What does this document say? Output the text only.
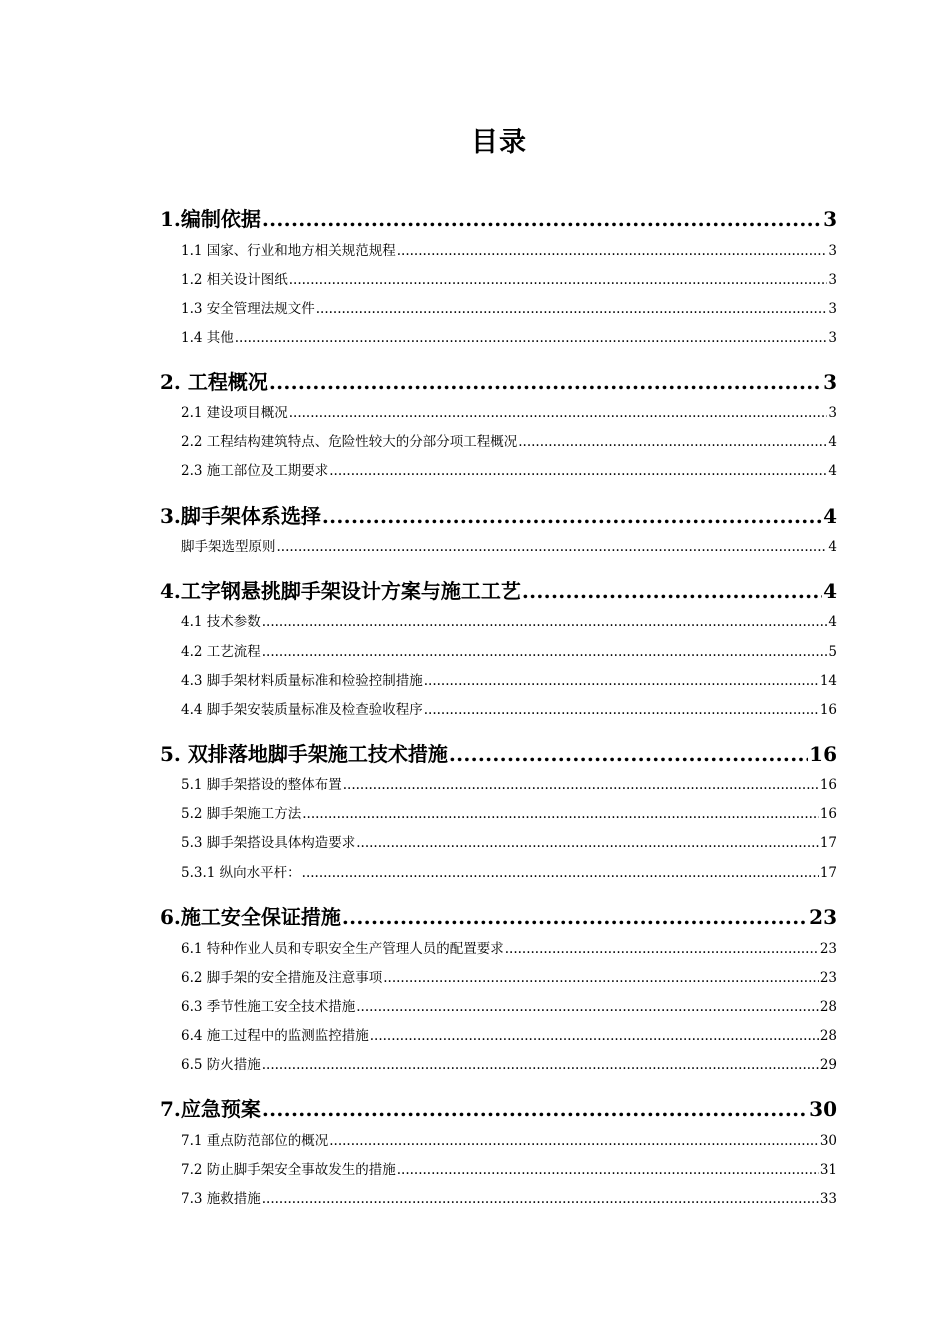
目录
1.编制依据 .....	3
1.1 国家、行业和地方相关规范规程 .....	3
1.2 相关设计图纸 .....	3
1.3 安全管理法规文件 .....	3
1.4 其他 .....	3
2. 工程概况 .....	3
2.1 建设项目概况 .....	3
2.2 工程结构建筑特点、危险性较大的分部分项工程概况 .....	4
2.3 施工部位及工期要求 .....	4
3.脚手架体系选择 .....	4
脚手架选型原则 .....	4
4.工字钢悬挑脚手架设计方案与施工工艺 .....	4
4.1 技术参数 .....	4
4.2 工艺流程 .....	5
4.3 脚手架材料质量标准和检验控制措施 .....	14
4.4 脚手架安装质量标准及检查验收程序 .....	16
5. 双排落地脚手架施工技术措施 .....	16
5.1 脚手架搭设的整体布置 .....	16
5.2 脚手架施工方法 .....	16
5.3 脚手架搭设具体构造要求 .....	17
5.3.1 纵向水平杆： .....	17
6.施工安全保证措施 .....	23
6.1 特种作业人员和专职安全生产管理人员的配置要求 .....	23
6.2 脚手架的安全措施及注意事项 .....	23
6.3 季节性施工安全技术措施 .....	28
6.4 施工过程中的监测监控措施 .....	28
6.5 防火措施 .....	29
7.应急预案 .....	30
7.1 重点防范部位的概况 .....	30
7.2 防止脚手架安全事故发生的措施 .....	31
7.3 施救措施 .....	33
